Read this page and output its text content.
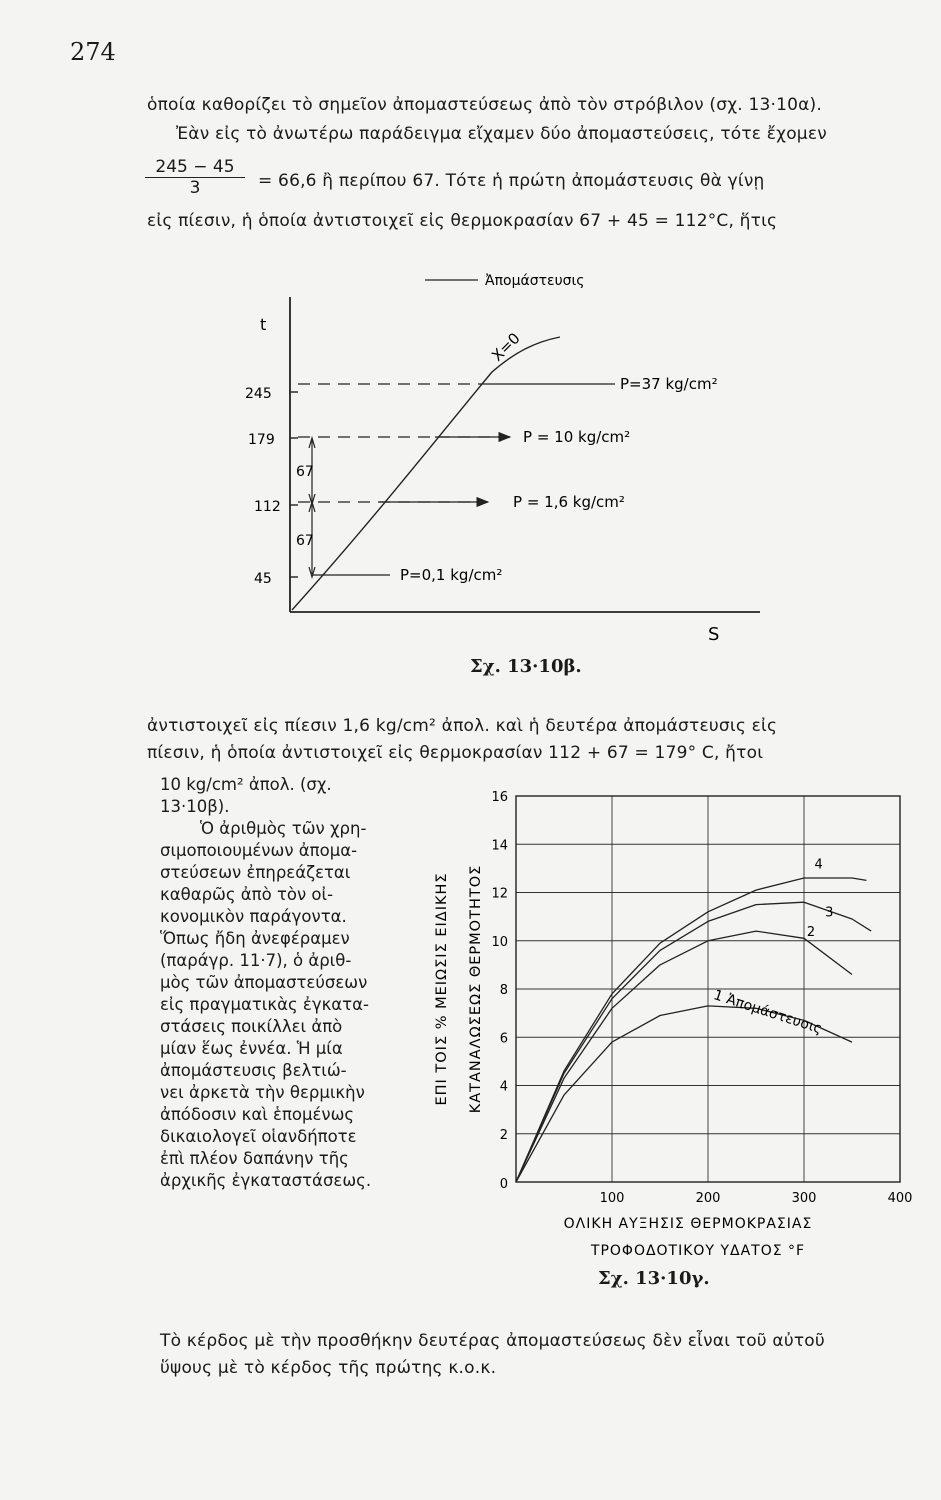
274
ὁποία καθορίζει τὸ σημεῖον ἀπομαστεύσεως ἀπὸ τὸν στρόβιλον (σχ. 13·10α).
Ἐὰν εἰς τὸ ἀνωτέρω παράδειγμα εἴχαμεν δύο ἀπομαστεύσεις, τότε ἔχομεν
$\frac{245 - 45}{3} = 66,6$ ἢ περίπου 67. Τότε ἡ πρώτη ἀπομάστευσις θὰ γίνῃ
εἰς πίεσιν, ἡ ὁποία ἀντιστοιχεῖ εἰς θερμοκρασίαν 67 + 45 = 112°C, ἥτις
Ἀπομάστευσις
t
S
245
179
112
45
X=0
P=37 kg/cm²
P = 10 kg/cm²
P = 1,6 kg/cm²
P=0,1 kg/cm²
67
67
Σχ. 13·10β.
ἀντιστοιχεῖ εἰς πίεσιν 1,6 kg/cm² ἀπολ. καὶ ἡ δευτέρα ἀπομάστευσις εἰς
πίεσιν, ἡ ὁποία ἀντιστοιχεῖ εἰς θερμοκρασίαν 112 + 67 = 179° C, ἤτοι
10 kg/cm² ἀπολ. (σχ.
13·10β).
Ὁ ἀριθμὸς τῶν χρη-
σιμοποιουμένων ἀπομα-
στεύσεων ἐπηρεάζεται
καθαρῶς ἀπὸ τὸν οἰ-
κονομικὸν παράγοντα.
Ὅπως ἤδη ἀνεφέραμεν
(παράγρ. 11·7), ὁ ἀριθ-
μὸς τῶν ἀπομαστεύσεων
εἰς πραγματικὰς ἐγκατα-
στάσεις ποικίλλει ἀπὸ
μίαν ἕως ἐννέα. Ἡ μία
ἀπομάστευσις βελτιώ-
νει ἀρκετὰ τὴν θερμικὴν
ἀπόδοσιν καὶ ἑπομένως
δικαιολογεῖ οἱανδήποτε
ἐπὶ πλέον δαπάνην τῆς
ἀρχικῆς ἐγκαταστάσεως.
2
4
6
8
10
12
14
16
100	200	300	400
0
2
3
4
1 Ἀπομάστευσις
ΕΠΙ ΤΟΙΣ % ΜΕΙΩΣΙΣ ΕΙΔΙΚΗΣ ΚΑΤΑΝΑΛΩΣΕΩΣ ΘΕΡΜΟΤΗΤΟΣ
ΟΛΙΚΗ ΑΥΞΗΣΙΣ ΘΕΡΜΟΚΡΑΣΙΑΣ
ΤΡΟΦΟΔΟΤΙΚΟΥ ΥΔΑΤΟΣ °F
Σχ. 13·10γ.
Τὸ κέρδος μὲ τὴν προσθήκην δευτέρας ἀπομαστεύσεως δὲν εἶναι τοῦ αὐτοῦ
ὕψους μὲ τὸ κέρδος τῆς πρώτης κ.ο.κ.
